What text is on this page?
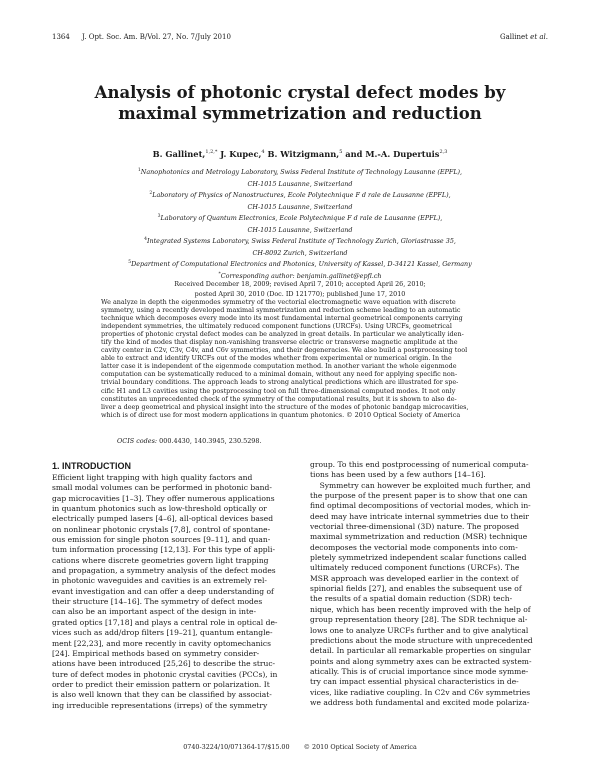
1364 J. Opt. Soc. Am. B/Vol. 27, No. 7/July 2010	Gallinet et al.
Analysis of photonic crystal defect modes by
maximal symmetrization and reduction
B. Gallinet,$^{1,2,*}$ J. Kupec,$^4$ B. Witzigmann,$^5$ and M.-A. Dupertuis$^{2,3}$
$^1$Nanophotonics and Metrology Laboratory, Swiss Federal Institute of Technology Lausanne (EPFL),
CH-1015 Lausanne, Switzerland
$^2$Laboratory of Physics of Nanostructures, Ecole Polytechnique F d rale de Lausanne (EPFL),
CH-1015 Lausanne, Switzerland
$^3$Laboratory of Quantum Electronics, Ecole Polytechnique F d rale de Lausanne (EPFL),
CH-1015 Lausanne, Switzerland
$^4$Integrated Systems Laboratory, Swiss Federal Institute of Technology Zurich, Gloriastrasse 35,
CH-8092 Zurich, Switzerland
$^5$Department of Computational Electronics and Photonics, University of Kassel, D-34121 Kassel, Germany
*Corresponding author: benjamin.gallinet@epfl.ch
Received December 18, 2009; revised April 7, 2010; accepted April 26, 2010;
posted April 30, 2010 (Doc. ID 121770); published June 17, 2010
We analyze in depth the eigenmodes symmetry of the vectorial electromagnetic wave equation with discrete
symmetry, using a recently developed maximal symmetrization and reduction scheme leading to an automatic
technique which decomposes every mode into its most fundamental internal geometrical components carrying
independent symmetries, the ultimately reduced component functions (URCFs). Using URCFs, geometrical
properties of photonic crystal defect modes can be analyzed in great details. In particular we analytically iden-
tify the kind of modes that display non-vanishing transverse electric or transverse magnetic amplitude at the
cavity center in C2v, C3v, C4v, and C6v symmetries, and their degeneracies. We also build a postprocessing tool
able to extract and identify URCFs out of the modes whether from experimental or numerical origin. In the
latter case it is independent of the eigenmode computation method. In another variant the whole eigenmode
computation can be systematically reduced to a minimal domain, without any need for applying specific non-
trivial boundary conditions. The approach leads to strong analytical predictions which are illustrated for spe-
cific H1 and L3 cavities using the postprocessing tool on full three-dimensional computed modes. It not only
constitutes an unprecedented check of the symmetry of the computational results, but it is shown to also de-
liver a deep geometrical and physical insight into the structure of the modes of photonic bandgap microcavities,
which is of direct use for most modern applications in quantum photonics. © 2010 Optical Society of America
OCIS codes: 000.4430, 140.3945, 230.5298.
1. INTRODUCTION
Efficient light trapping with high quality factors and
small modal volumes can be performed in photonic band-
gap microcavities [1–3]. They offer numerous applications
in quantum photonics such as low-threshold optically or
electrically pumped lasers [4–6], all-optical devices based
on nonlinear photonic crystals [7,8], control of spontane-
ous emission for single photon sources [9–11], and quan-
tum information processing [12,13]. For this type of appli-
cations where discrete geometries govern light trapping
and propagation, a symmetry analysis of the defect modes
in photonic waveguides and cavities is an extremely rel-
evant investigation and can offer a deep understanding of
their structure [14–16]. The symmetry of defect modes
can also be an important aspect of the design in inte-
grated optics [17,18] and plays a central role in optical de-
vices such as add/drop filters [19–21], quantum entangle-
ment [22,23], and more recently in cavity optomechanics
[24]. Empirical methods based on symmetry consider-
ations have been introduced [25,26] to describe the struc-
ture of defect modes in photonic crystal cavities (PCCs), in
order to predict their emission pattern or polarization. It
is also well known that they can be classified by associat-
ing irreducible representations (irreps) of the symmetry
group. To this end postprocessing of numerical computa-
tions has been used by a few authors [14–16].
Symmetry can however be exploited much further, and
the purpose of the present paper is to show that one can
find optimal decompositions of vectorial modes, which in-
deed may have intricate internal symmetries due to their
vectorial three-dimensional (3D) nature. The proposed
maximal symmetrization and reduction (MSR) technique
decomposes the vectorial mode components into com-
pletely symmetrized independent scalar functions called
ultimately reduced component functions (URCFs). The
MSR approach was developed earlier in the context of
spinorial fields [27], and enables the subsequent use of
the results of a spatial domain reduction (SDR) tech-
nique, which has been recently improved with the help of
group representation theory [28]. The SDR technique al-
lows one to analyze URCFs further and to give analytical
predictions about the mode structure with unprecedented
detail. In particular all remarkable properties on singular
points and along symmetry axes can be extracted system-
atically. This is of crucial importance since mode symme-
try can impact essential physical characteristics in de-
vices, like radiative coupling. In C2v and C6v symmetries
we address both fundamental and excited mode polariza-
0740-3224/10/071364-17/$15.00 © 2010 Optical Society of America
